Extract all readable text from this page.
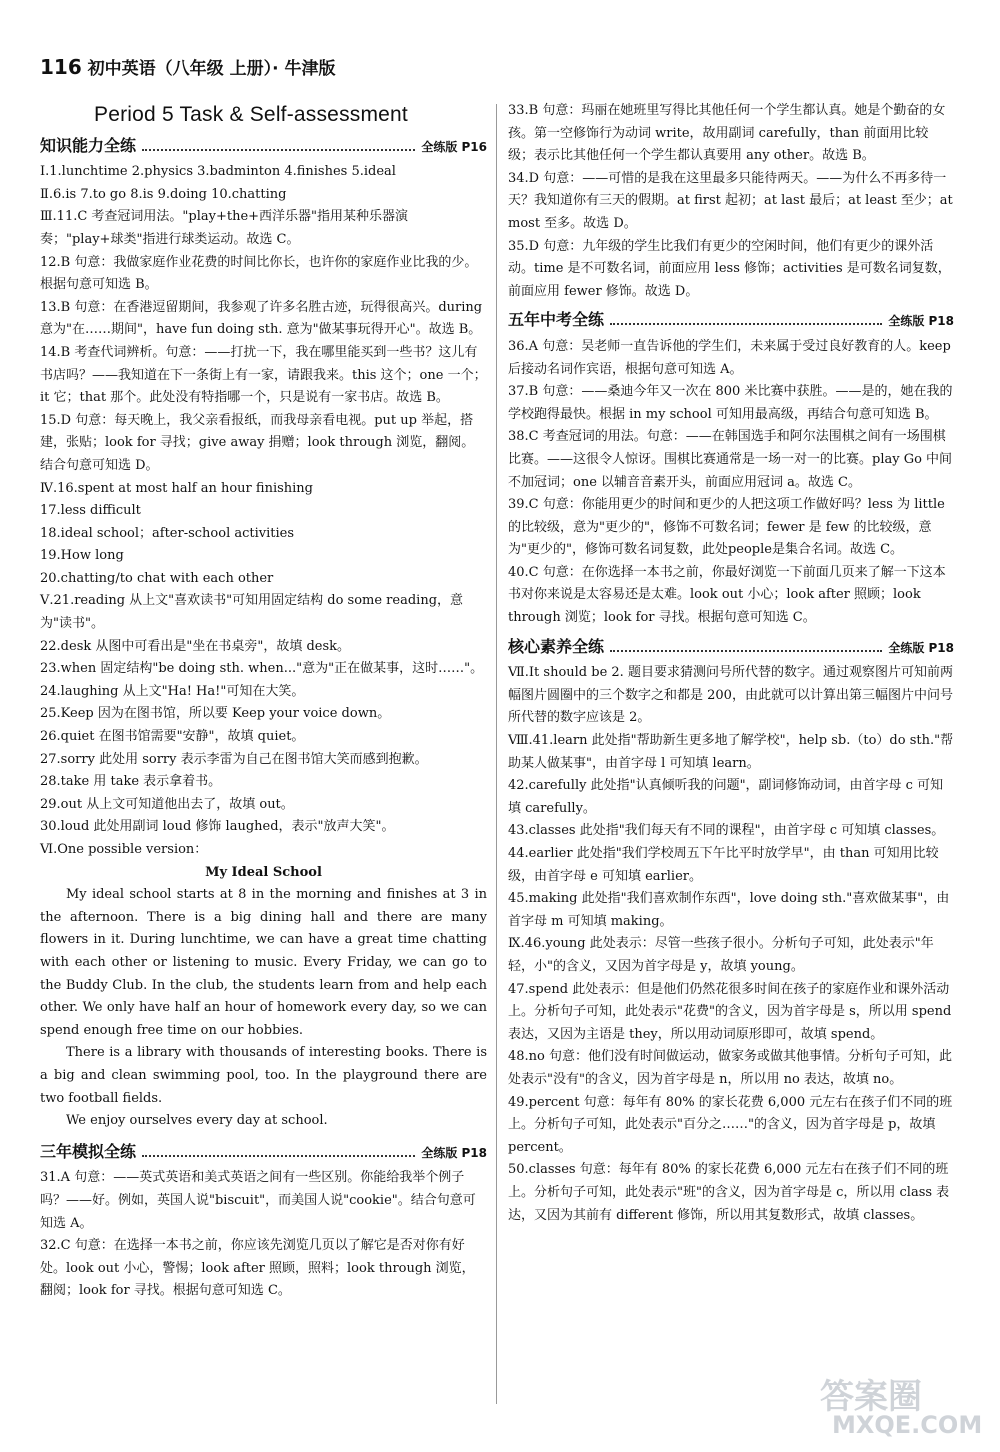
116 初中英语（八年级 上册）· 牛津版
Period 5 Task & Self-assessment
知识能力全练	全练版 P16

Ⅰ.1.lunchtime 2.physics 3.badminton 4.finishes 5.ideal

Ⅱ.6.is 7.to go 8.is 9.doing 10.chatting

Ⅲ.11.C 考查冠词用法。"play+the+西洋乐器"指用某种乐器演奏；"play+球类"指进行球类运动。故选 C。

12.B 句意：我做家庭作业花费的时间比你长，也许你的家庭作业比我的少。根据句意可知选 B。

13.B 句意：在香港逗留期间，我参观了许多名胜古迹，玩得很高兴。during 意为"在……期间"，have fun doing sth. 意为"做某事玩得开心"。故选 B。

14.B 考查代词辨析。句意：——打扰一下，我在哪里能买到一些书？这儿有书店吗？——我知道在下一条街上有一家，请跟我来。this 这个；one 一个；it 它；that 那个。此处没有特指哪一个，只是说有一家书店。故选 B。

15.D 句意：每天晚上，我父亲看报纸，而我母亲看电视。put up 举起，搭建，张贴；look for 寻找；give away 捐赠；look through 浏览，翻阅。结合句意可知选 D。

Ⅳ.16.spent at most half an hour finishing

17.less difficult

18.ideal school；after-school activities

19.How long

20.chatting/to chat with each other

Ⅴ.21.reading 从上文"喜欢读书"可知用固定结构 do some reading，意为"读书"。

22.desk 从图中可看出是"坐在书桌旁"，故填 desk。

23.when 固定结构"be doing sth. when..."意为"正在做某事，这时……"。

24.laughing 从上文"Ha! Ha!"可知在大笑。

25.Keep 因为在图书馆，所以要 Keep your voice down。

26.quiet 在图书馆需要"安静"，故填 quiet。

27.sorry 此处用 sorry 表示李雷为自己在图书馆大笑而感到抱歉。

28.take 用 take 表示拿着书。

29.out 从上文可知道他出去了，故填 out。

30.loud 此处用副词 loud 修饰 laughed，表示"放声大笑"。

Ⅵ.One possible version：

My Ideal School

My ideal school starts at 8 in the morning and finishes at 3 in the afternoon. There is a big dining hall and there are many flowers in it. During lunchtime, we can have a great time chatting with each other or listening to music. Every Friday, we can go to the Buddy Club. In the club, the students learn from and help each other. We only have half an hour of homework every day, so we can spend enough free time on our hobbies.

There is a library with thousands of interesting books. There is a big and clean swimming pool, too. In the playground there are two football fields.

We enjoy ourselves every day at school.

三年模拟全练	全练版 P18

31.A 句意：——英式英语和美式英语之间有一些区别。你能给我举个例子吗？——好。例如，英国人说"biscuit"，而美国人说"cookie"。结合句意可知选 A。

32.C 句意：在选择一本书之前，你应该先浏览几页以了解它是否对你有好处。look out 小心，警惕；look after 照顾，照料；look through 浏览，翻阅；look for 寻找。根据句意可知选 C。

33.B 句意：玛丽在她班里写得比其他任何一个学生都认真。她是个勤奋的女孩。第一空修饰行为动词 write，故用副词 carefully，than 前面用比较级；表示比其他任何一个学生都认真要用 any other。故选 B。

34.D 句意：——可惜的是我在这里最多只能待两天。——为什么不再多待一天？我知道你有三天的假期。at first 起初；at last 最后；at least 至少；at most 至多。故选 D。

35.D 句意：九年级的学生比我们有更少的空闲时间，他们有更少的课外活动。time 是不可数名词，前面应用 less 修饰；activities 是可数名词复数，前面应用 fewer 修饰。故选 D。

五年中考全练	全练版 P18

36.A 句意：吴老师一直告诉他的学生们，未来属于受过良好教育的人。keep 后接动名词作宾语，根据句意可知选 A。

37.B 句意：——桑迪今年又一次在 800 米比赛中获胜。——是的，她在我的学校跑得最快。根据 in my school 可知用最高级，再结合句意可知选 B。

38.C 考查冠词的用法。句意：——在韩国选手和阿尔法围棋之间有一场围棋比赛。——这很令人惊讶。围棋比赛通常是一场一对一的比赛。play Go 中间不加冠词；one 以辅音音素开头，前面应用冠词 a。故选 C。

39.C 句意：你能用更少的时间和更少的人把这项工作做好吗？less 为 little 的比较级，意为"更少的"，修饰不可数名词；fewer 是 few 的比较级，意为"更少的"，修饰可数名词复数，此处people是集合名词。故选 C。

40.C 句意：在你选择一本书之前，你最好浏览一下前面几页来了解一下这本书对你来说是太容易还是太难。look out 小心；look after 照顾；look through 浏览；look for 寻找。根据句意可知选 C。

核心素养全练	全练版 P18

Ⅶ.It should be 2. 题目要求猜测问号所代替的数字。通过观察图片可知前两幅图片圆圈中的三个数字之和都是 200，由此就可以计算出第三幅图片中问号所代替的数字应该是 2。

Ⅷ.41.learn 此处指"帮助新生更多地了解学校"，help sb.（to）do sth."帮助某人做某事"，由首字母 l 可知填 learn。

42.carefully 此处指"认真倾听我的问题"，副词修饰动词，由首字母 c 可知填 carefully。

43.classes 此处指"我们每天有不同的课程"，由首字母 c 可知填 classes。

44.earlier 此处指"我们学校周五下午比平时放学早"，由 than 可知用比较级，由首字母 e 可知填 earlier。

45.making 此处指"我们喜欢制作东西"，love doing sth."喜欢做某事"，由首字母 m 可知填 making。

Ⅸ.46.young 此处表示：尽管一些孩子很小。分析句子可知，此处表示"年轻，小"的含义，又因为首字母是 y，故填 young。

47.spend 此处表示：但是他们仍然花很多时间在孩子的家庭作业和课外活动上。分析句子可知，此处表示"花费"的含义，因为首字母是 s，所以用 spend 表达，又因为主语是 they，所以用动词原形即可，故填 spend。

48.no 句意：他们没有时间做运动，做家务或做其他事情。分析句子可知，此处表示"没有"的含义，因为首字母是 n，所以用 no 表达，故填 no。

49.percent 句意：每年有 80% 的家长花费 6,000 元左右在孩子们不同的班上。分析句子可知，此处表示"百分之……"的含义，因为首字母是 p，故填 percent。

50.classes 句意：每年有 80% 的家长花费 6,000 元左右在孩子们不同的班上。分析句子可知，此处表示"班"的含义，因为首字母是 c，所以用 class 表达，又因为其前有 different 修饰，所以用其复数形式，故填 classes。

答案圈
MXQE.COM
